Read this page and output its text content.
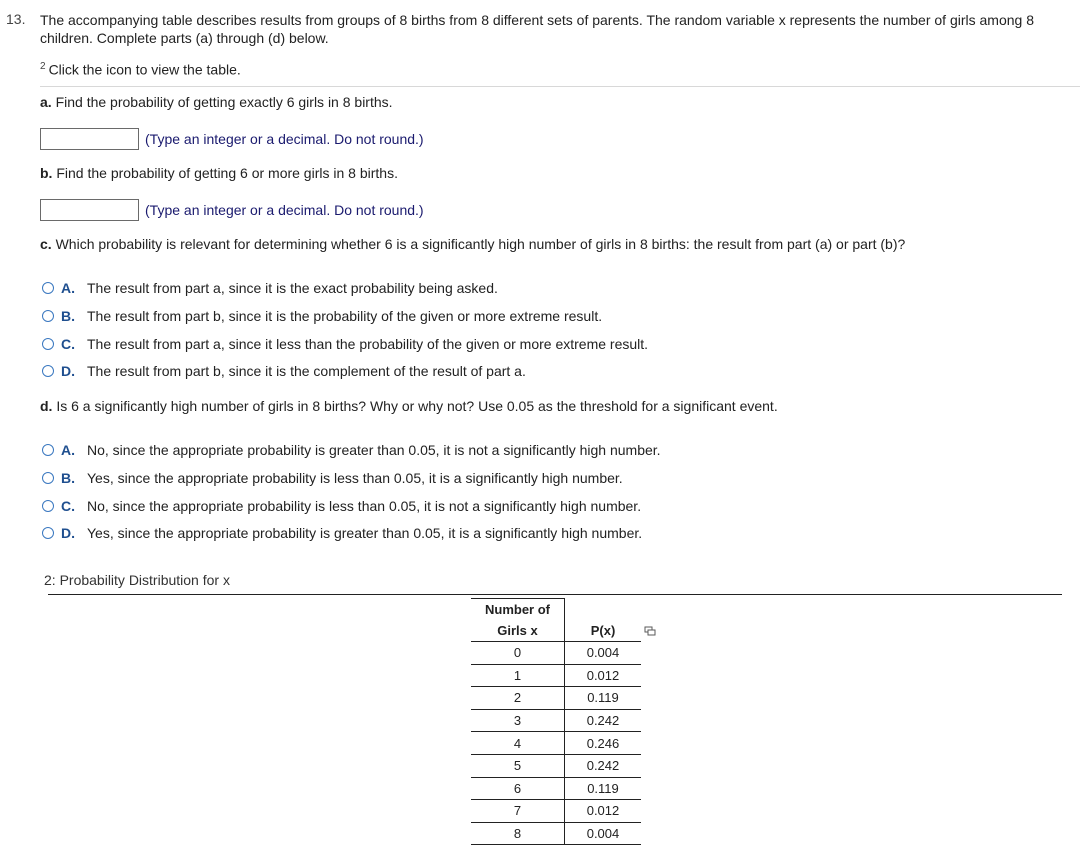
13. The accompanying table describes results from groups of 8 births from 8 different sets of parents. The random variable x represents the number of girls among 8 children. Complete parts (a) through (d) below.
$^2$ Click the icon to view the table.
a. Find the probability of getting exactly 6 girls in 8 births.
(Type an integer or a decimal. Do not round.)
b. Find the probability of getting 6 or more girls in 8 births.
(Type an integer or a decimal. Do not round.)
c. Which probability is relevant for determining whether 6 is a significantly high number of girls in 8 births: the result from part (a) or part (b)?
A. The result from part a, since it is the exact probability being asked.
B. The result from part b, since it is the probability of the given or more extreme result.
C. The result from part a, since it less than the probability of the given or more extreme result.
D. The result from part b, since it is the complement of the result of part a.
d. Is 6 a significantly high number of girls in 8 births? Why or why not? Use 0.05 as the threshold for a significant event.
A. No, since the appropriate probability is greater than 0.05, it is not a significantly high number.
B. Yes, since the appropriate probability is less than 0.05, it is a significantly high number.
C. No, since the appropriate probability is less than 0.05, it is not a significantly high number.
D. Yes, since the appropriate probability is greater than 0.05, it is a significantly high number.
2: Probability Distribution for x
Number of
Girls x	P(x)
0	0.004
1	0.012
2	0.119
3	0.242
4	0.246
5	0.242
6	0.119
7	0.012
8	0.004
